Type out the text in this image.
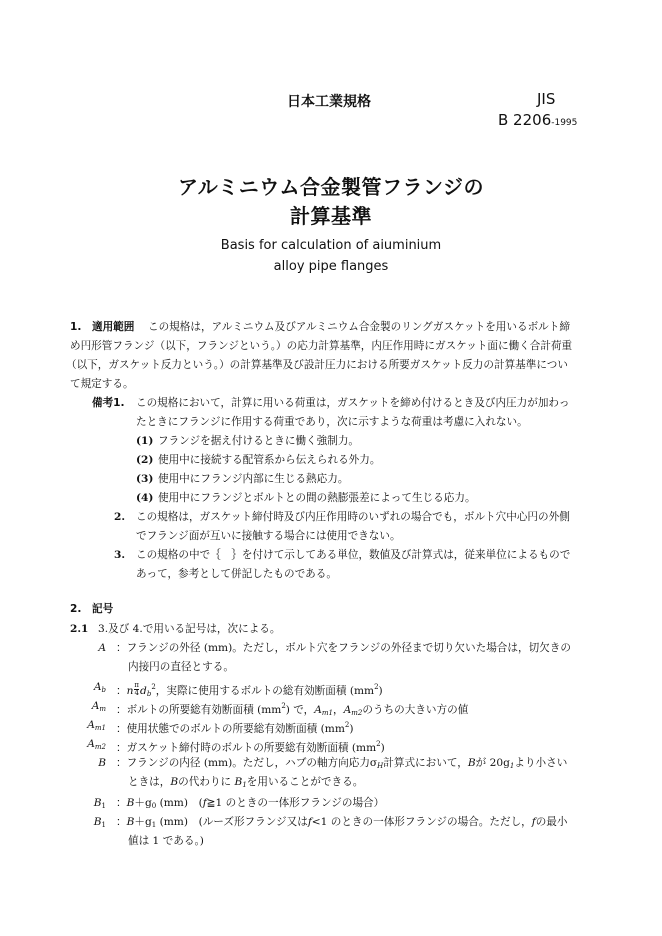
日本工業規格	JIS
B 2206-1995
アルミニウム合金製管フランジの
計算基準
Basis for calculation of aiuminium
alloy pipe flanges
1.　適用範囲 この規格は，アルミニウム及びアルミニウム合金製のリングガスケットを用いるボルト締
め円形管フランジ（以下，フランジという。）の応力計算基準，内圧作用時にガスケット面に働く合計荷重
（以下，ガスケット反力という。）の計算基準及び設計圧力における所要ガスケット反力の計算基準につい
て規定する。
備考1. この規格において，計算に用いる荷重は，ガスケットを締め付けるとき及び内圧力が加わっ
たときにフランジに作用する荷重であり，次に示すような荷重は考慮に入れない。
(1) フランジを据え付けるときに働く強制力。
(2) 使用中に接続する配管系から伝えられる外力。
(3) 使用中にフランジ内部に生じる熱応力。
(4) 使用中にフランジとボルトとの間の熱膨張差によって生じる応力。
2. この規格は，ガスケット締付時及び内圧作用時のいずれの場合でも，ボルト穴中心円の外側
でフランジ面が互いに接触する場合には使用できない。
3. この規格の中で｛　｝を付けて示してある単位，数値及び計算式は，従来単位によるもので
あって，参考として併記したものである。
2.　記号
2.1 3.及び 4.で用いる記号は，次による。
A ：フランジの外径 (mm)。ただし，ボルト穴をフランジの外径まで切り欠いた場合は，切欠きの
内接円の直径とする。
$A_b$ ：n $\frac{\pi}{4} d_b^2$，実際に使用するボルトの総有効断面積 $(mm^2)$
$A_m$ ：ボルトの所要総有効断面積 $(mm^2)$ で，$A_{m1}$，$A_{m2}$のうちの大きい方の値
$A_{m1}$ ：使用状態でのボルトの所要総有効断面積 $(mm^2)$
$A_{m2}$ ：ガスケット締付時のボルトの所要総有効断面積 $(mm^2)$
B ：フランジの内径 (mm)。ただし，ハブの軸方向応力$\sigma_H$計算式において，Bが $20g_1$より小さい
ときは，Bの代わりに $B_1$を用いることができる。
$B_1$ ：$B+g_0$ (mm)　(f≧1 のときの一体形フランジの場合）
$B_1$ ：$B+g_1$ (mm)　(ルーズ形フランジ又はf<1 のときの一体形フランジの場合。ただし，fの最小
値は 1 である。)
